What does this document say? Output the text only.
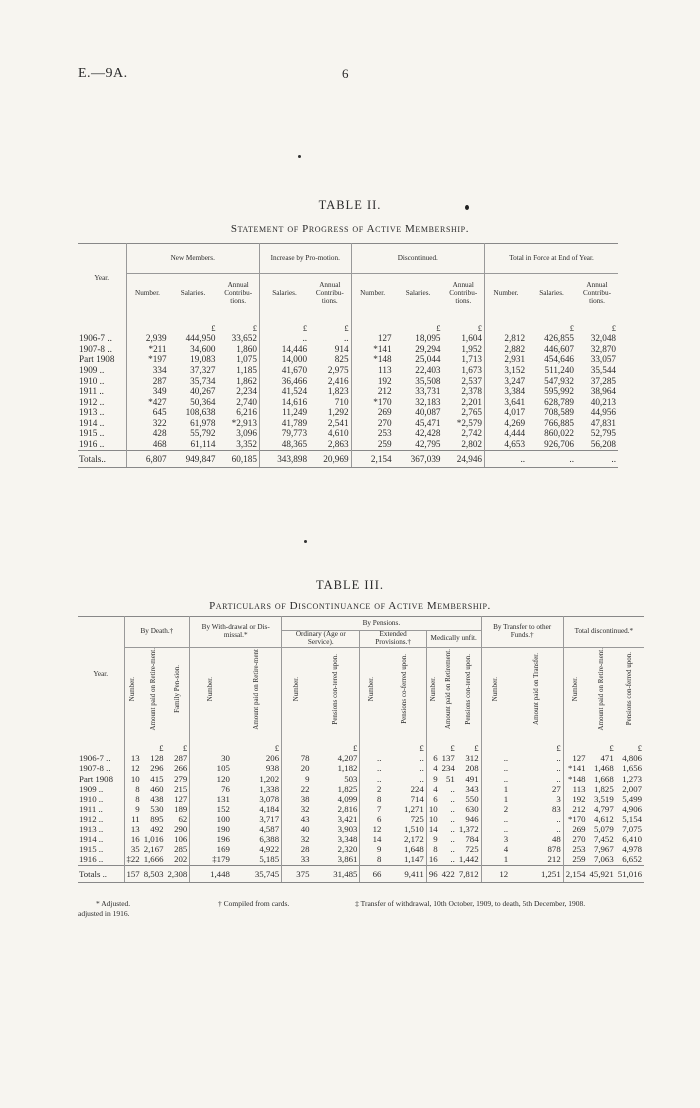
E.—9A.	6
TABLE II.
Statement of Progress of Active Membership.
Year.	New Members.			Increase by Pro-motion.		Discontinued.			Total in Force at End of Year.		
	Number.	Salaries.	Annual Contribu-tions.	Salaries.	Annual Contribu-tions.	Number.	Salaries.	Annual Contribu-tions.	Number.	Salaries.	Annual Contribu-tions.
		£	£	£	£		£	£		£	£
1906-7 ..	2,939	444,950	33,652	..	..	127	18,095	1,604	2,812	426,855	32,048
1907-8 ..	*211	34,600	1,860	14,446	914	*141	29,294	1,952	2,882	446,607	32,870
Part 1908	*197	19,083	1,075	14,000	825	*148	25,044	1,713	2,931	454,646	33,057
1909 ..	334	37,327	1,185	41,670	2,975	113	22,403	1,673	3,152	511,240	35,544
1910 ..	287	35,734	1,862	36,466	2,416	192	35,508	2,537	3,247	547,932	37,285
1911 ..	349	40,267	2,234	41,524	1,823	212	33,731	2,378	3,384	595,992	38,964
1912 ..	*427	50,364	2,740	14,616	710	*170	32,183	2,201	3,641	628,789	40,213
1913 ..	645	108,638	6,216	11,249	1,292	269	40,087	2,765	4,017	708,589	44,956
1914 ..	322	61,978	*2,913	41,789	2,541	270	45,471	*2,579	4,269	766,885	47,831
1915 ..	428	55,792	3,096	79,773	4,610	253	42,428	2,742	4,444	860,022	52,795
1916 ..	468	61,114	3,352	48,365	2,863	259	42,795	2,802	4,653	926,706	56,208
Totals..	6,807	949,847	60,185	343,898	20,969	2,154	367,039	24,946	..	..	..
TABLE III.
Particulars of Discontinuance of Active Membership.
Year.	By Death.†			By With-drawal or Dis-missal.*		By Pensions.							By Transfer to other Funds.†		Total discontinued.*		
						Ordinary (Age or Service).		Extended Provisions.†		Medically unfit.							
	Number.	Amount paid on Retire-ment.	Family Pen-sion.	Number.	Amount paid on Retire-ment	Number.	Pensions con-tered upon.	Number.	Pensions co-ferred upon.	Number.	Amount paid on Retirement.	Pensions con-tered upon.	Number.	Amount paid on Transfer.	Number.	Amount paid on Retire-ment.	Pensions con-ferred upon.
		£	£		£		£		£		£	£		£		£	£
1906-7 ..	13	128	287	30	206	78	4,207	..	..	6	137	312	..	..	127	471	4,806
1907-8 ..	12	296	266	105	938	20	1,182	..	..	4	234	208	..	..	*141	1,468	1,656
Part 1908	10	415	279	120	1,202	9	503	..	..	9	51	491	..	..	*148	1,668	1,273
1909 ..	8	460	215	76	1,338	22	1,825	2	224	4	..	343	1	27	113	1,825	2,007
1910 ..	8	438	127	131	3,078	38	4,099	8	714	6	..	550	1	3	192	3,519	5,499
1911 ..	9	530	189	152	4,184	32	2,816	7	1,271	10	..	630	2	83	212	4,797	4,906
1912 ..	11	895	62	100	3,717	43	3,421	6	725	10	..	946	..	..	*170	4,612	5,154
1913 ..	13	492	290	190	4,587	40	3,903	12	1,510	14	..	1,372	..	..	269	5,079	7,075
1914 ..	16	1,016	106	196	6,388	32	3,348	14	2,172	9	..	784	3	48	270	7,452	6,410
1915 ..	35	2,167	285	169	4,922	28	2,320	9	1,648	8	..	725	4	878	253	7,967	4,978
1916 ..	‡22	1,666	202	‡179	5,185	33	3,861	8	1,147	16	..	1,442	1	212	259	7,063	6,652
Totals ..	157	8,503	2,308	1,448	35,745	375	31,485	66	9,411	96	422	7,812	12	1,251	2,154	45,921	51,016
* Adjusted.	† Compiled from cards.	‡ Transfer of withdrawal, 10th October, 1909, to death, 5th December, 1908.
adjusted in 1916.
